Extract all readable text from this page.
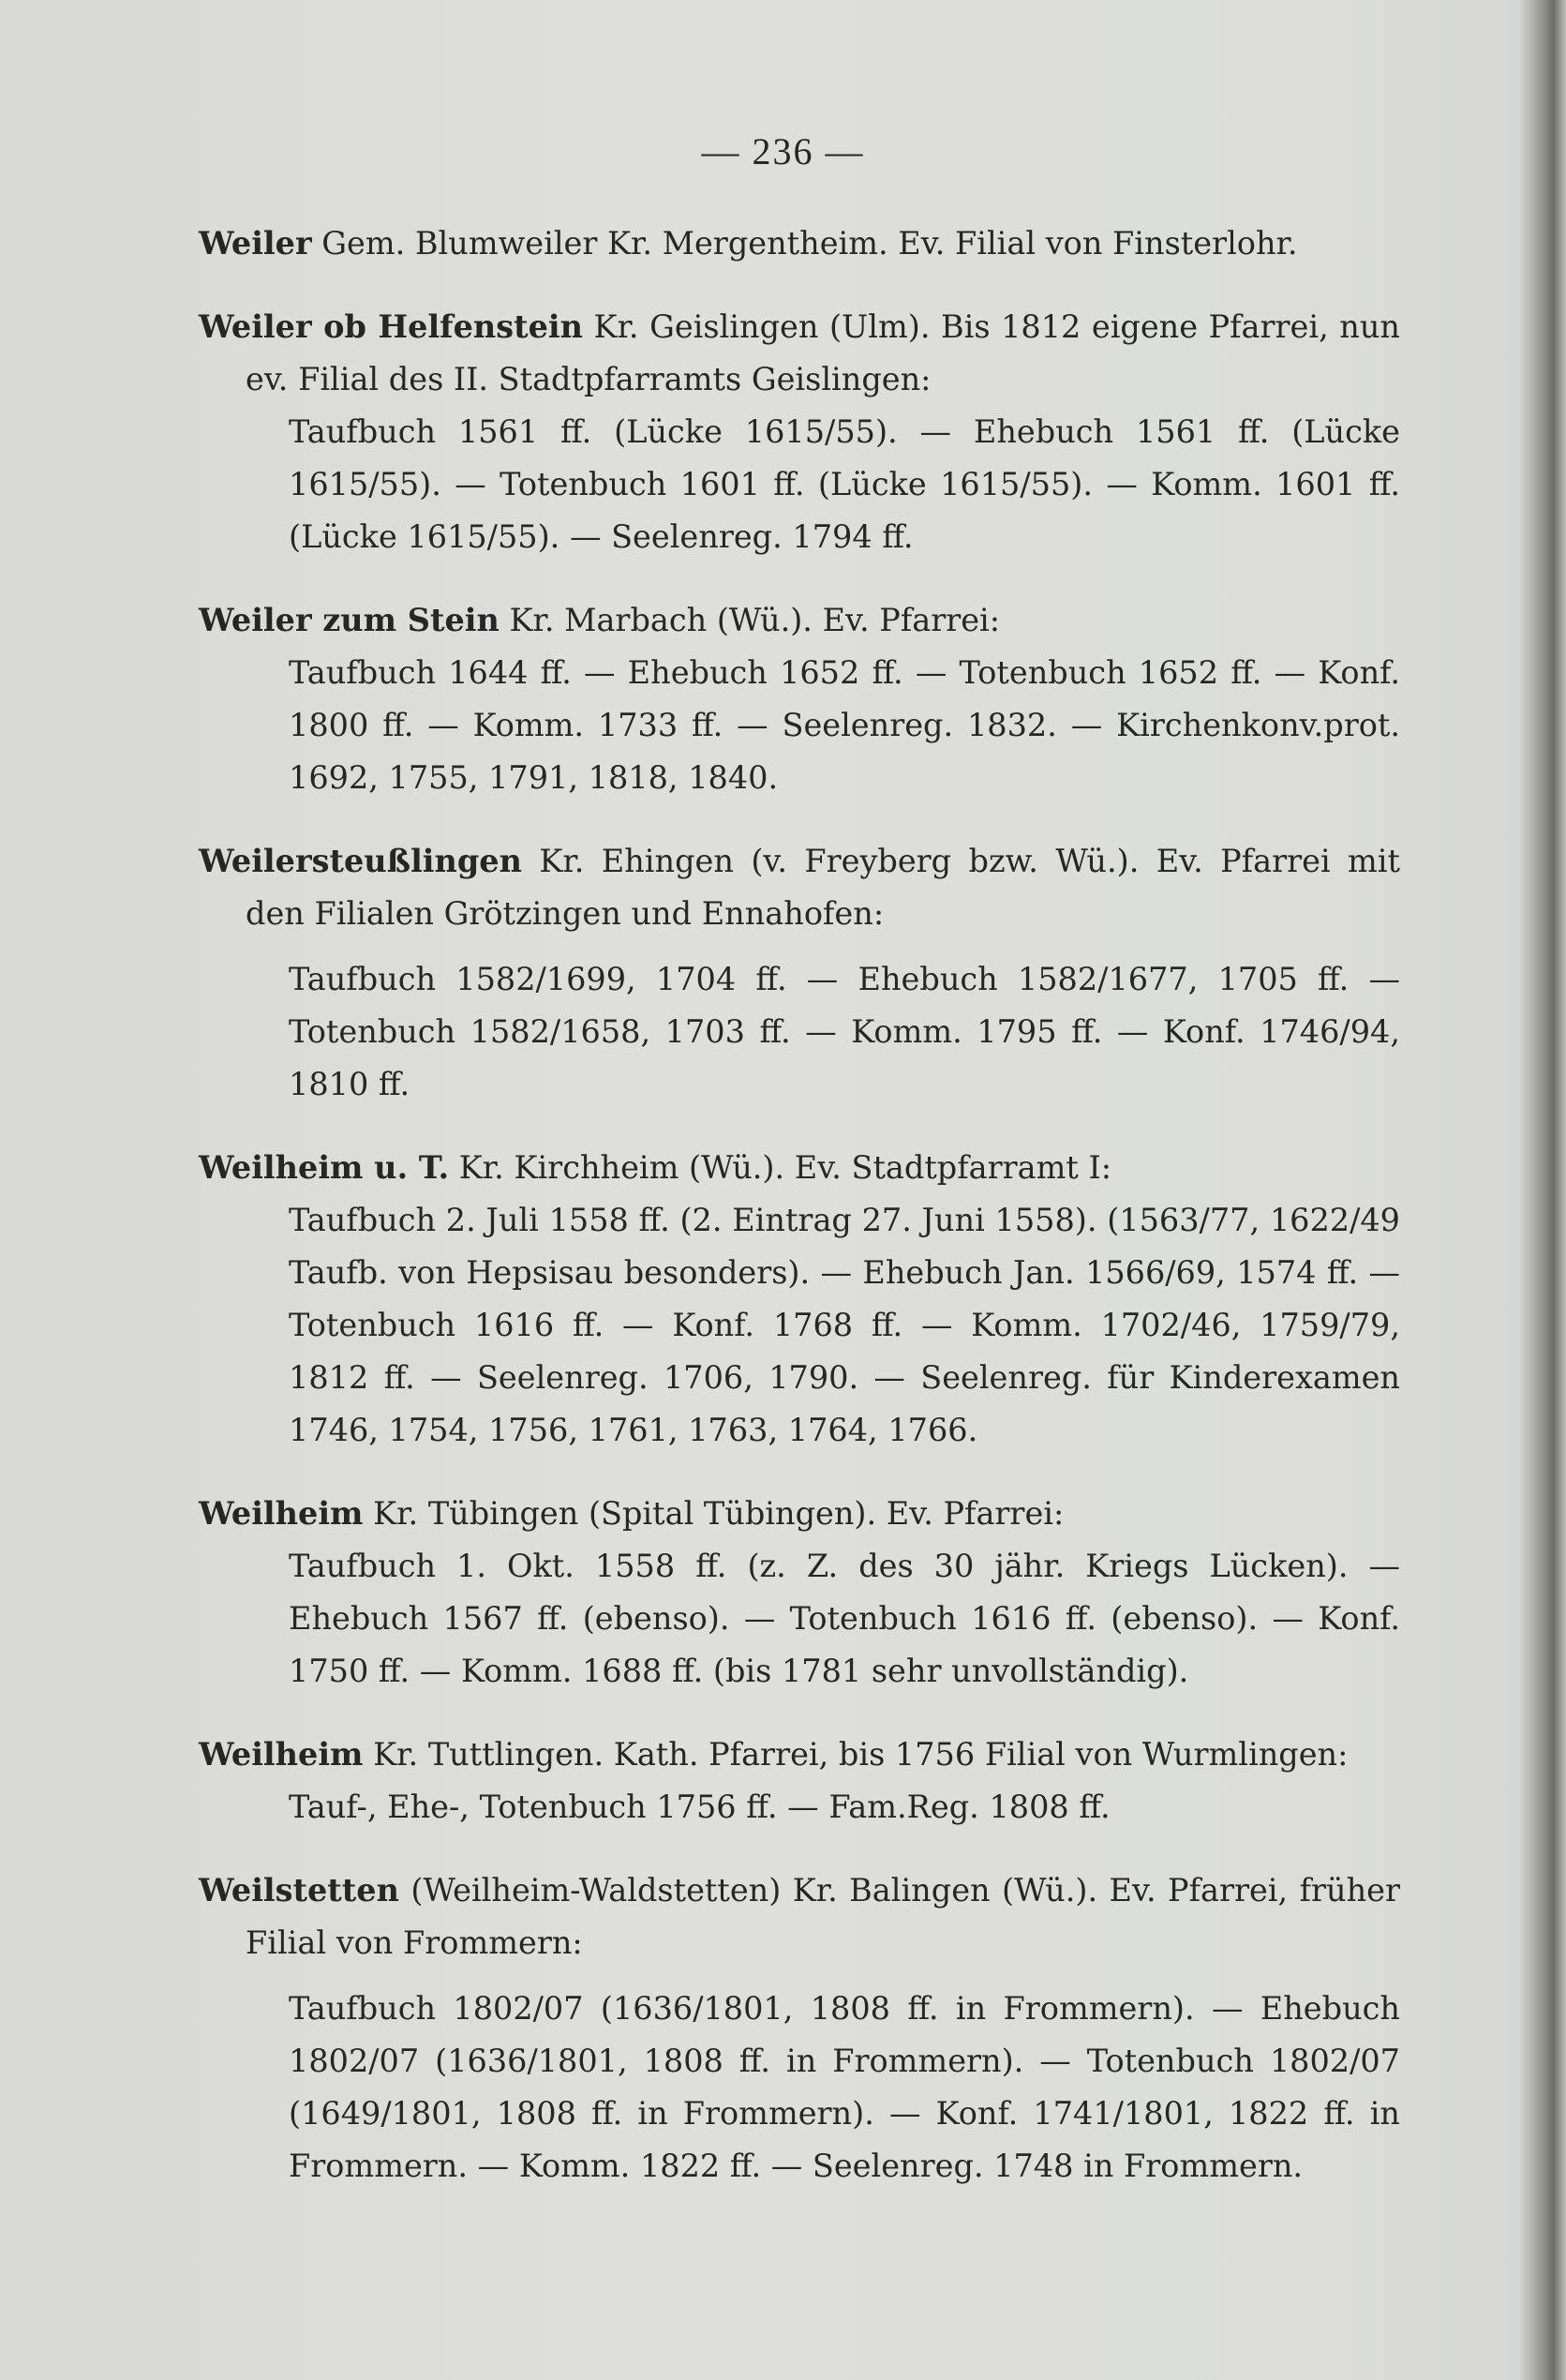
— 236 —
Weiler Gem. Blumweiler Kr. Mergentheim. Ev. Filial von Finsterlohr.
Weiler ob Helfenstein Kr. Geislingen (Ulm). Bis 1812 eigene Pfarrei, nun ev. Filial des II. Stadtpfarramts Geislingen:
Taufbuch 1561 ff. (Lücke 1615/55). — Ehebuch 1561 ff. (Lücke 1615/55). — Totenbuch 1601 ff. (Lücke 1615/55). — Komm. 1601 ff. (Lücke 1615/55). — Seelenreg. 1794 ff.
Weiler zum Stein Kr. Marbach (Wü.). Ev. Pfarrei:
Taufbuch 1644 ff. — Ehebuch 1652 ff. — Totenbuch 1652 ff. — Konf. 1800 ff. — Komm. 1733 ff. — Seelenreg. 1832. — Kirchenkonv.prot. 1692, 1755, 1791, 1818, 1840.
Weilersteußlingen Kr. Ehingen (v. Freyberg bzw. Wü.). Ev. Pfarrei mit den Filialen Grötzingen und Ennahofen:
Taufbuch 1582/1699, 1704 ff. — Ehebuch 1582/1677, 1705 ff. — Totenbuch 1582/1658, 1703 ff. — Komm. 1795 ff. — Konf. 1746/94, 1810 ff.
Weilheim u. T. Kr. Kirchheim (Wü.). Ev. Stadtpfarramt I:
Taufbuch 2. Juli 1558 ff. (2. Eintrag 27. Juni 1558). (1563/77, 1622/49 Taufb. von Hepsisau besonders). — Ehebuch Jan. 1566/69, 1574 ff. — Totenbuch 1616 ff. — Konf. 1768 ff. — Komm. 1702/46, 1759/79, 1812 ff. — Seelenreg. 1706, 1790. — Seelenreg. für Kinderexamen 1746, 1754, 1756, 1761, 1763, 1764, 1766.
Weilheim Kr. Tübingen (Spital Tübingen). Ev. Pfarrei:
Taufbuch 1. Okt. 1558 ff. (z. Z. des 30 jähr. Kriegs Lücken). — Ehebuch 1567 ff. (ebenso). — Totenbuch 1616 ff. (ebenso). — Konf. 1750 ff. — Komm. 1688 ff. (bis 1781 sehr unvollständig).
Weilheim Kr. Tuttlingen. Kath. Pfarrei, bis 1756 Filial von Wurmlingen:
Tauf-, Ehe-, Totenbuch 1756 ff. — Fam.Reg. 1808 ff.
Weilstetten (Weilheim-Waldstetten) Kr. Balingen (Wü.). Ev. Pfarrei, früher Filial von Frommern:
Taufbuch 1802/07 (1636/1801, 1808 ff. in Frommern). — Ehebuch 1802/07 (1636/1801, 1808 ff. in Frommern). — Totenbuch 1802/07 (1649/1801, 1808 ff. in Frommern). — Konf. 1741/1801, 1822 ff. in Frommern. — Komm. 1822 ff. — Seelenreg. 1748 in Frommern.
